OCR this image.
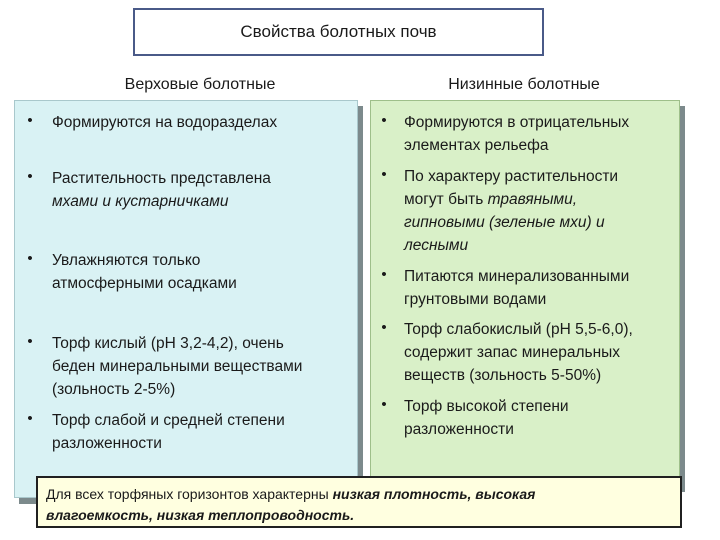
Свойства болотных почв
Верховые болотные	Низинные болотные
•	Формируются на водоразделах
•	Растительность представлена
мхами и кустарничками
•	Увлажняются только
атмосферными осадками
•	Торф кислый (pH 3,2-4,2), очень
беден минеральными веществами
(зольность 2-5%)
•	Торф слабой и средней степени
разложенности
•	Формируются в отрицательных
элементах рельефа
•	По характеру растительности
могут быть травяными,
гипновыми (зеленые мхи) и
лесными
•	Питаются минерализованными
грунтовыми водами
•	Торф слабокислый (pH 5,5-6,0),
содержит запас минеральных
веществ (зольность 5-50%)
•	Торф высокой степени
разложенности
Для всех торфяных горизонтов характерны низкая плотность, высокая
влагоемкость, низкая теплопроводность.
